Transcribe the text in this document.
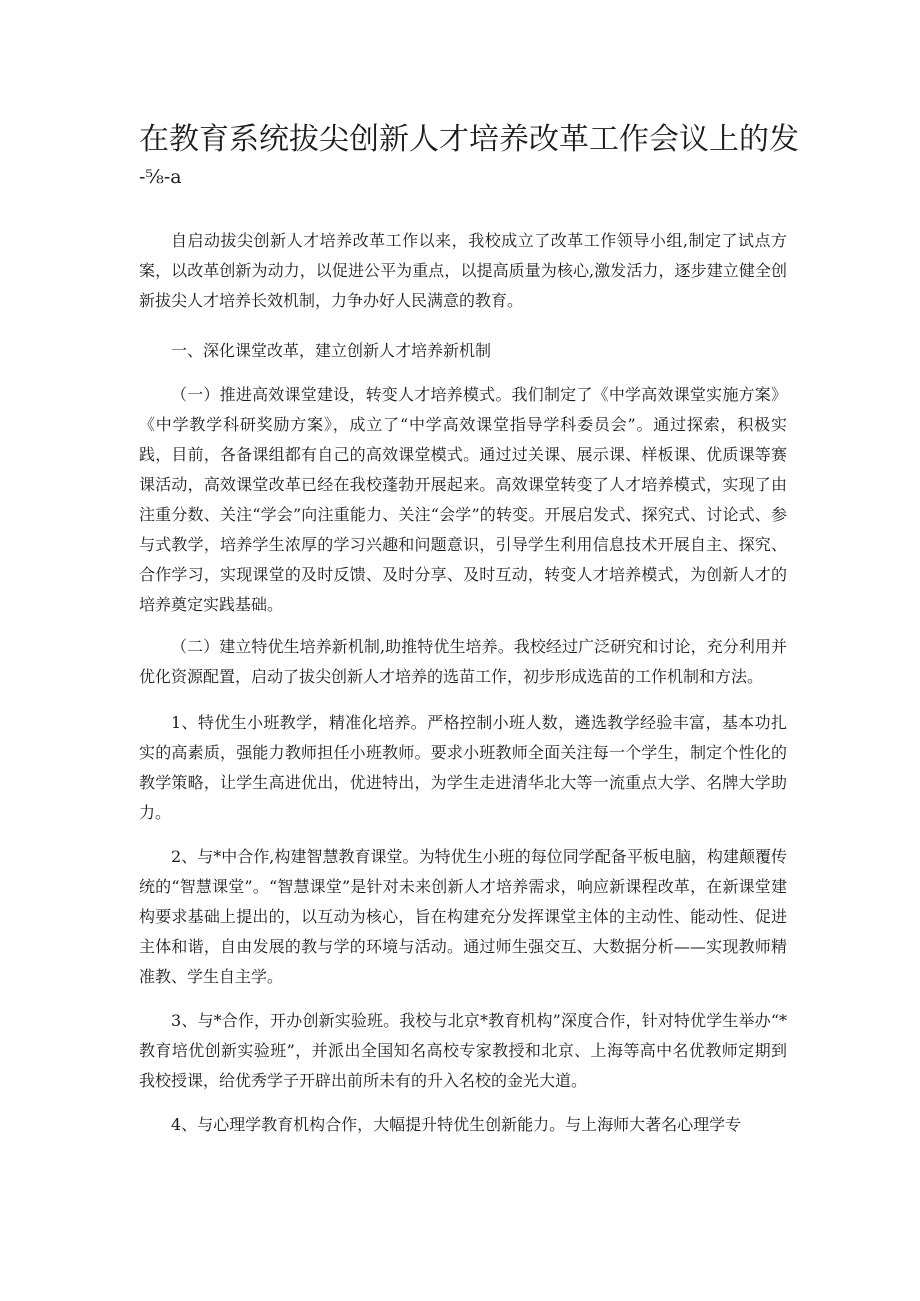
在教育系统拔尖创新人才培养改革工作会议上的发
-⅝-a

自启动拔尖创新人才培养改革工作以来，我校成立了改革工作领导小组,制定了试点方案，以改革创新为动力，以促进公平为重点，以提高质量为核心,激发活力，逐步建立健全创新拔尖人才培养长效机制，力争办好人民满意的教育。

一、深化课堂改革，建立创新人才培养新机制

（一）推进高效课堂建设，转变人才培养模式。我们制定了《中学高效课堂实施方案》《中学教学科研奖励方案》，成立了“中学高效课堂指导学科委员会”。通过探索，积极实践，目前，各备课组都有自己的高效课堂模式。通过过关课、展示课、样板课、优质课等赛课活动，高效课堂改革已经在我校蓬勃开展起来。高效课堂转变了人才培养模式，实现了由注重分数、关注“学会”向注重能力、关注“会学”的转变。开展启发式、探究式、讨论式、参与式教学，培养学生浓厚的学习兴趣和问题意识，引导学生利用信息技术开展自主、探究、合作学习，实现课堂的及时反馈、及时分享、及时互动，转变人才培养模式，为创新人才的培养奠定实践基础。

（二）建立特优生培养新机制,助推特优生培养。我校经过广泛研究和讨论，充分利用并优化资源配置，启动了拔尖创新人才培养的选苗工作，初步形成选苗的工作机制和方法。

1、特优生小班教学，精准化培养。严格控制小班人数，遴选教学经验丰富，基本功扎实的高素质，强能力教师担任小班教师。要求小班教师全面关注每一个学生，制定个性化的教学策略，让学生高进优出，优进特出，为学生走进清华北大等一流重点大学、名牌大学助力。

2、与*中合作,构建智慧教育课堂。为特优生小班的每位同学配备平板电脑，构建颠覆传统的“智慧课堂”。“智慧课堂”是针对未来创新人才培养需求，响应新课程改革，在新课堂建构要求基础上提出的，以互动为核心，旨在构建充分发挥课堂主体的主动性、能动性、促进主体和谐，自由发展的教与学的环境与活动。通过师生强交互、大数据分析——实现教师精准教、学生自主学。

3、与*合作，开办创新实验班。我校与北京*教育机构”深度合作，针对特优学生举办“*教育培优创新实验班”，并派出全国知名高校专家教授和北京、上海等高中名优教师定期到我校授课，给优秀学子开辟出前所未有的升入名校的金光大道。

4、与心理学教育机构合作，大幅提升特优生创新能力。与上海师大著名心理学专
